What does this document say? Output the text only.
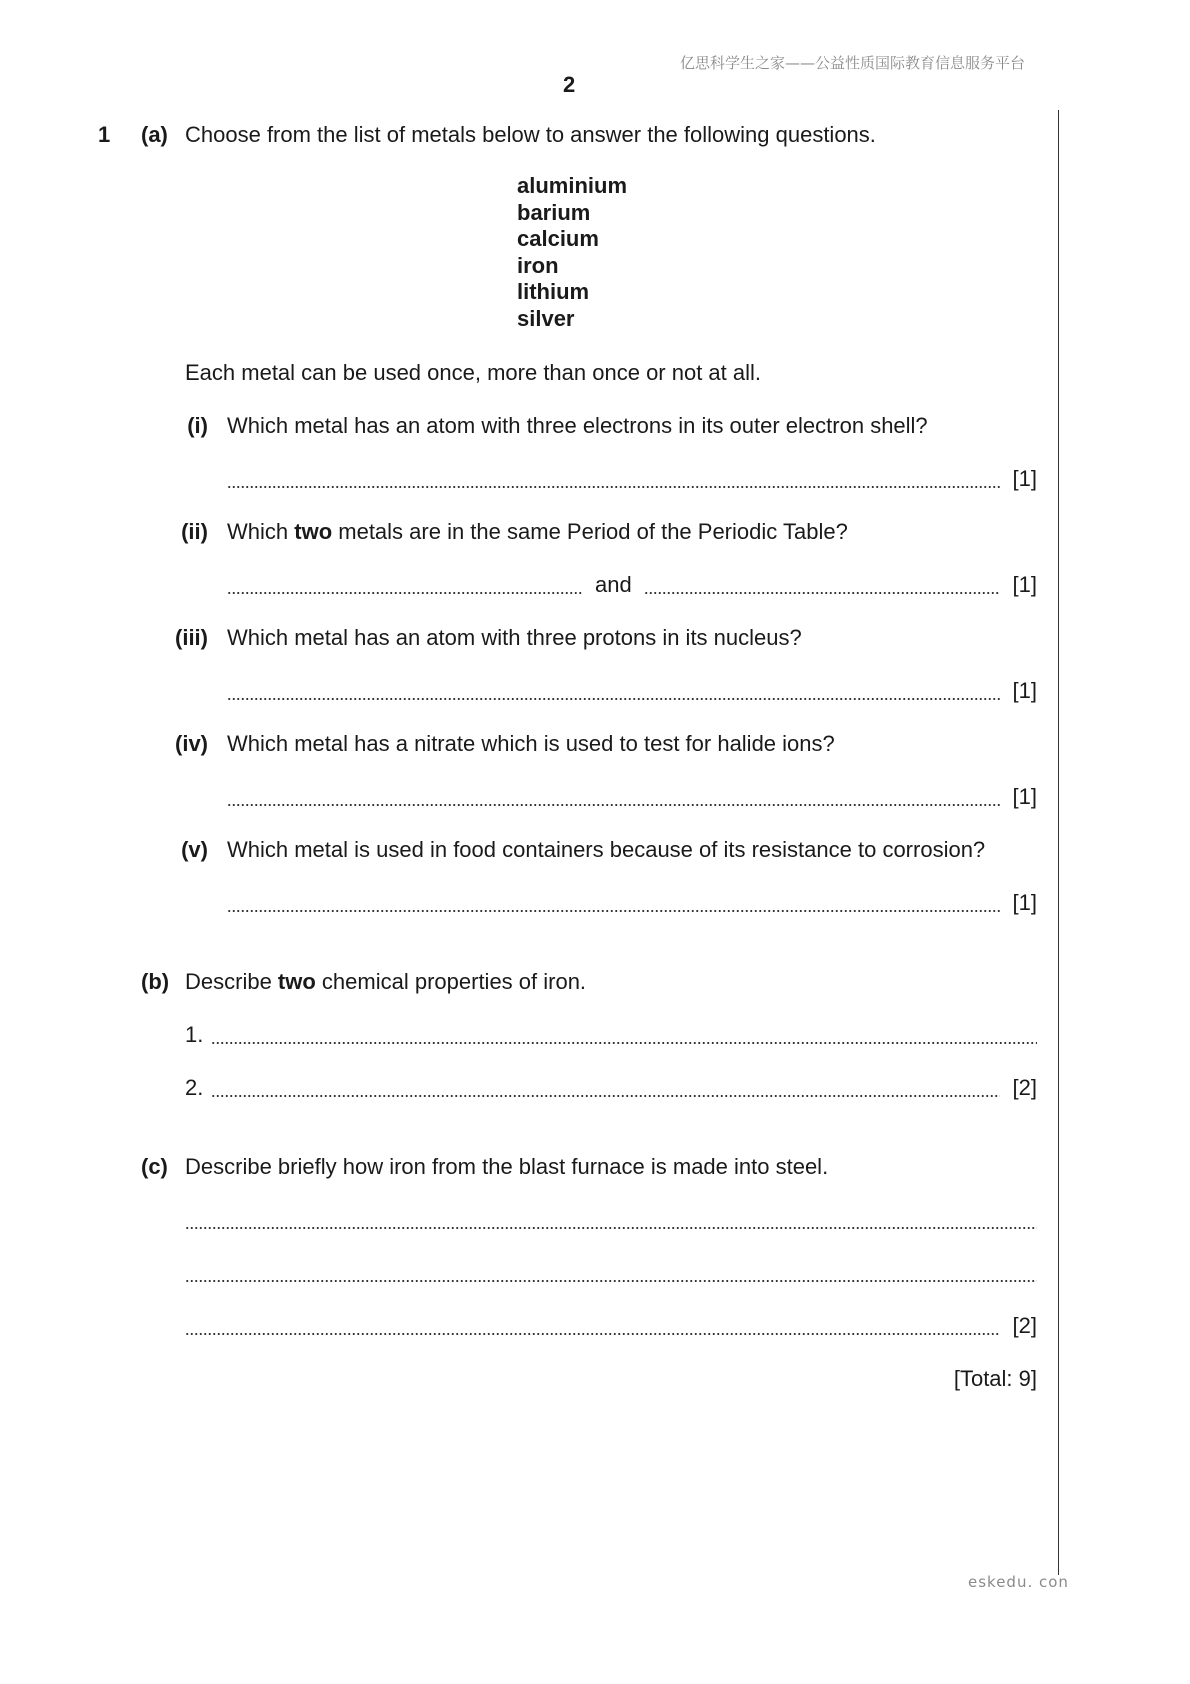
亿思科学生之家——公益性质国际教育信息服务平台
2
1 (a) Choose from the list of metals below to answer the following questions.
aluminium
barium
calcium
iron
lithium
silver
Each metal can be used once, more than once or not at all.
(i) Which metal has an atom with three electrons in its outer electron shell?
[1]
(ii) Which two metals are in the same Period of the Periodic Table?
and	[1]
(iii) Which metal has an atom with three protons in its nucleus?
[1]
(iv) Which metal has a nitrate which is used to test for halide ions?
[1]
(v) Which metal is used in food containers because of its resistance to corrosion?
[1]
(b) Describe two chemical properties of iron.
1.
2.	[2]
(c) Describe briefly how iron from the blast furnace is made into steel.
[2]
[Total: 9]
eskedu. con
